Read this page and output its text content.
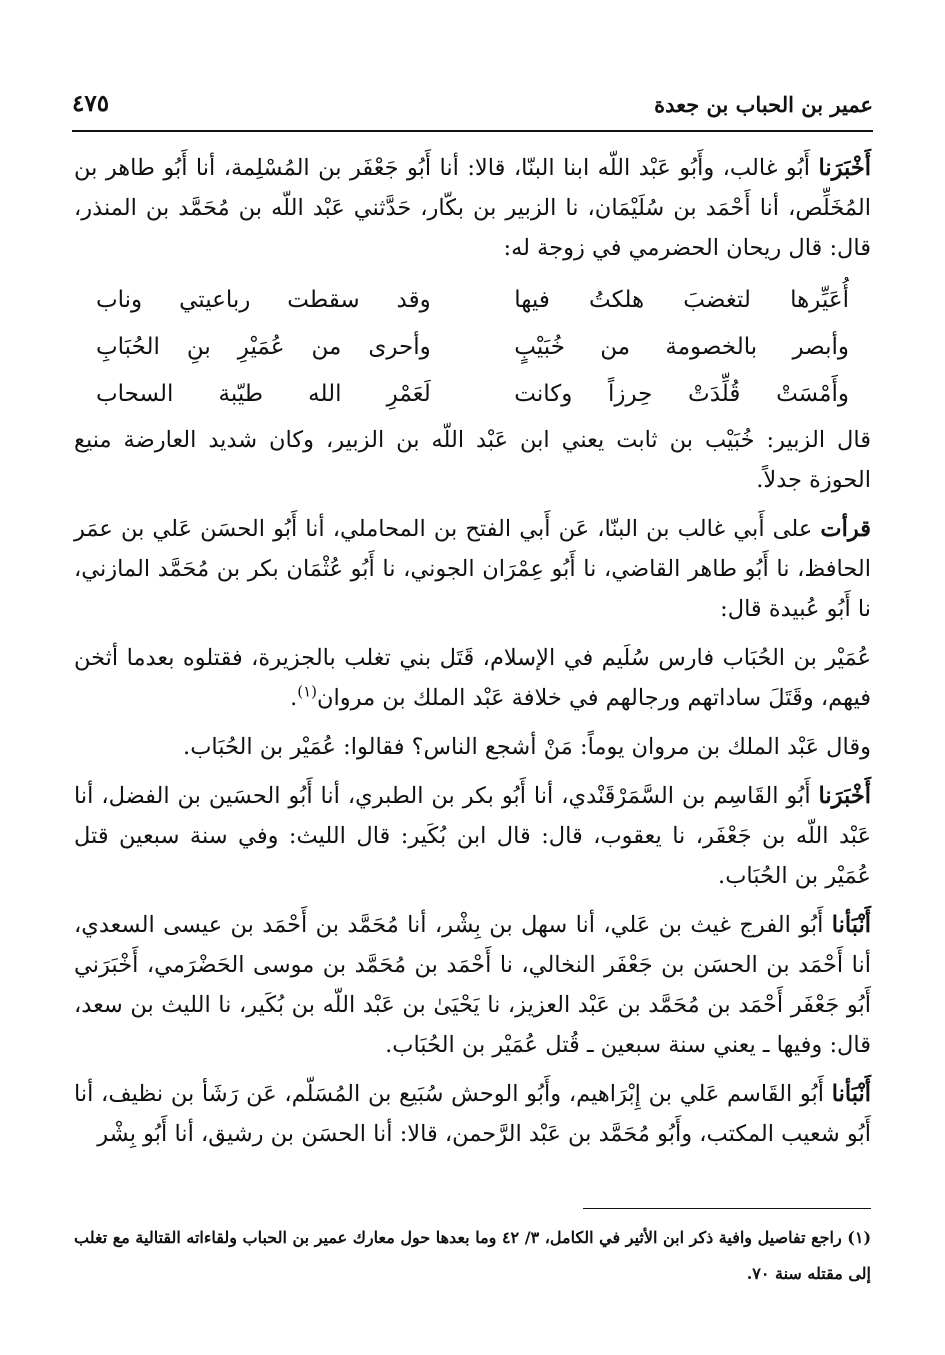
عمير بن الحباب بن جعدة
٤٧٥

أَخْبَرَنا أَبُو غالب، وأَبُو عَبْد اللّه ابنا البنّا، قالا: أنا أَبُو جَعْفَر بن المُسْلِمة، أنا أَبُو طاهر بن المُخَلِّص، أنا أَحْمَد بن سُلَيْمَان، نا الزبير بن بكّار، حَدَّثني عَبْد اللّه بن مُحَمَّد بن المنذر، قال: قال ريحان الحضرمي في زوجة له:

أُعَيِّرها لتغضبَ هلكتُ فيها
وقد سقطت رباعيتي وناب
وأبصر بالخصومة من خُبَيْبٍ
وأحرى من عُمَيْرِ بنِ الحُبَابِ
وأَمْسَتْ قُلِّدَتْ حِرزاً وكانت
لَعَمْرِ الله طيّبة السحاب

قال الزبير: خُبَيْب بن ثابت يعني ابن عَبْد اللّه بن الزبير، وكان شديد العارضة منيع الحوزة جدلاً.

قرأت على أَبي غالب بن البنّا، عَن أَبي الفتح بن المحاملي، أنا أَبُو الحسَن عَلي بن عمَر الحافظ، نا أَبُو طاهر القاضي، نا أَبُو عِمْرَان الجوني، نا أَبُو عُثْمَان بكر بن مُحَمَّد المازني، نا أَبُو عُبيدة قال:

عُمَيْر بن الحُبَاب فارس سُلَيم في الإسلام، قَتَل بني تغلب بالجزيرة، فقتلوه بعدما أثخن فيهم، وقَتَلَ ساداتهم ورجالهم في خلافة عَبْد الملك بن مروان$^{(١)}$.

وقال عَبْد الملك بن مروان يوماً: مَنْ أشجع الناس؟ فقالوا: عُمَيْر بن الحُبَاب.

أَخْبَرَنا أَبُو القَاسِم بن السَّمَرْقَنْدي، أنا أَبُو بكر بن الطبري، أنا أَبُو الحسَين بن الفضل، أنا عَبْد اللّه بن جَعْفَر، نا يعقوب، قال: قال ابن بُكَير: قال الليث: وفي سنة سبعين قتل عُمَيْر بن الحُبَاب.

أَنْبَأنا أَبُو الفرج غيث بن عَلي، أنا سهل بن بِشْر، أنا مُحَمَّد بن أَحْمَد بن عيسى السعدي، أنا أَحْمَد بن الحسَن بن جَعْفَر النخالي، نا أَحْمَد بن مُحَمَّد بن موسى الحَضْرَمي، أَخْبَرَني أَبُو جَعْفَر أَحْمَد بن مُحَمَّد بن عَبْد العزيز، نا يَحْيَىٰ بن عَبْد اللّه بن بُكَير، نا الليث بن سعد، قال: وفيها ـ يعني سنة سبعين ـ قُتل عُمَيْر بن الحُبَاب.

أَنْبَأنا أَبُو القَاسم عَلي بن إِبْرَاهيم، وأَبُو الوحش سُبَيع بن المُسَلّم، عَن رَشَأ بن نظيف، أنا أَبُو شعيب المكتب، وأَبُو مُحَمَّد بن عَبْد الرَّحمن، قالا: أنا الحسَن بن رشيق، أنا أَبُو بِشْر

(١) راجع تفاصيل وافية ذكر ابن الأثير في الكامل، ٣/ ٤٢ وما بعدها حول معارك عمير بن الحباب ولقاءاته القتالية مع تغلب إلى مقتله سنة ٧٠.
